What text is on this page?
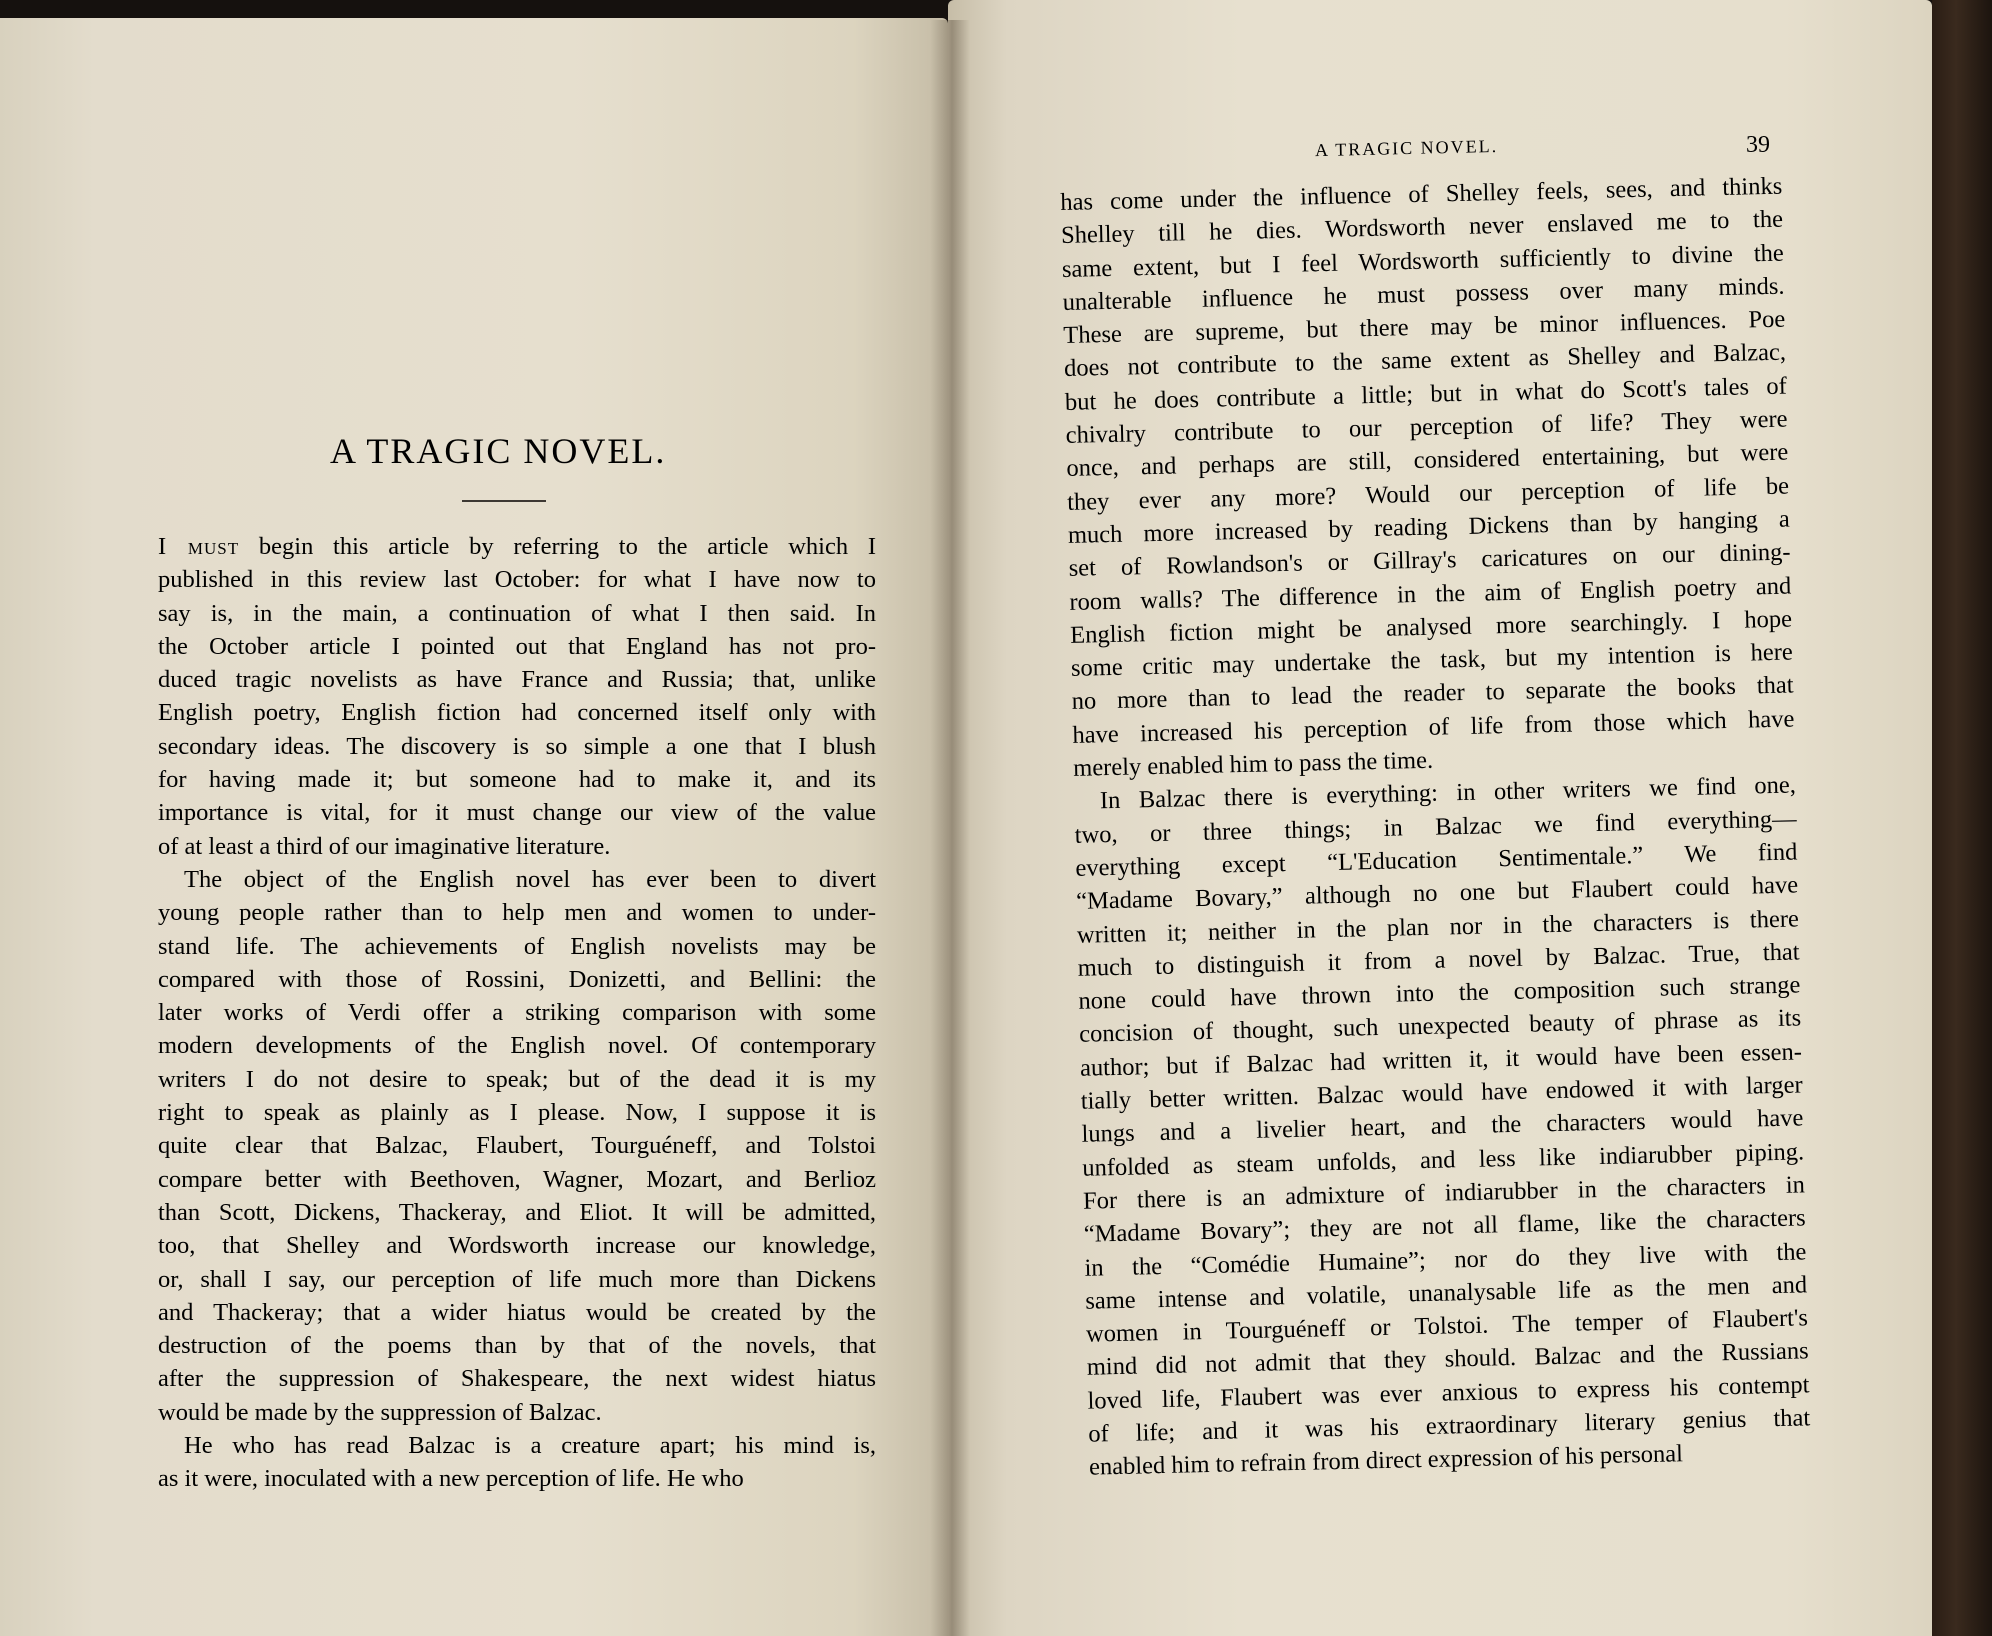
A TRAGIC NOVEL.	39
A TRAGIC NOVEL.
I must begin this article by referring to the article which I
published in this review last October: for what I have now to
say is, in the main, a continuation of what I then said. In
the October article I pointed out that England has not pro-
duced tragic novelists as have France and Russia; that, unlike
English poetry, English fiction had concerned itself only with
secondary ideas. The discovery is so simple a one that I blush
for having made it; but someone had to make it, and its
importance is vital, for it must change our view of the value
of at least a third of our imaginative literature.
The object of the English novel has ever been to divert
young people rather than to help men and women to under-
stand life. The achievements of English novelists may be
compared with those of Rossini, Donizetti, and Bellini: the
later works of Verdi offer a striking comparison with some
modern developments of the English novel. Of contemporary
writers I do not desire to speak; but of the dead it is my
right to speak as plainly as I please. Now, I suppose it is
quite clear that Balzac, Flaubert, Tourguéneff, and Tolstoi
compare better with Beethoven, Wagner, Mozart, and Berlioz
than Scott, Dickens, Thackeray, and Eliot. It will be admitted,
too, that Shelley and Wordsworth increase our knowledge,
or, shall I say, our perception of life much more than Dickens
and Thackeray; that a wider hiatus would be created by the
destruction of the poems than by that of the novels, that
after the suppression of Shakespeare, the next widest hiatus
would be made by the suppression of Balzac.
He who has read Balzac is a creature apart; his mind is,
as it were, inoculated with a new perception of life. He who
has come under the influence of Shelley feels, sees, and thinks
Shelley till he dies. Wordsworth never enslaved me to the
same extent, but I feel Wordsworth sufficiently to divine the
unalterable influence he must possess over many minds.
These are supreme, but there may be minor influences. Poe
does not contribute to the same extent as Shelley and Balzac,
but he does contribute a little; but in what do Scott's tales of
chivalry contribute to our perception of life? They were
once, and perhaps are still, considered entertaining, but were
they ever any more? Would our perception of life be
much more increased by reading Dickens than by hanging a
set of Rowlandson's or Gillray's caricatures on our dining-
room walls? The difference in the aim of English poetry and
English fiction might be analysed more searchingly. I hope
some critic may undertake the task, but my intention is here
no more than to lead the reader to separate the books that
have increased his perception of life from those which have
merely enabled him to pass the time.
In Balzac there is everything: in other writers we find one,
two, or three things; in Balzac we find everything—
everything except “L'Education Sentimentale.” We find
“Madame Bovary,” although no one but Flaubert could have
written it; neither in the plan nor in the characters is there
much to distinguish it from a novel by Balzac. True, that
none could have thrown into the composition such strange
concision of thought, such unexpected beauty of phrase as its
author; but if Balzac had written it, it would have been essen-
tially better written. Balzac would have endowed it with larger
lungs and a livelier heart, and the characters would have
unfolded as steam unfolds, and less like indiarubber piping.
For there is an admixture of indiarubber in the characters in
“Madame Bovary”; they are not all flame, like the characters
in the “Comédie Humaine”; nor do they live with the
same intense and volatile, unanalysable life as the men and
women in Tourguéneff or Tolstoi. The temper of Flaubert's
mind did not admit that they should. Balzac and the Russians
loved life, Flaubert was ever anxious to express his contempt
of life; and it was his extraordinary literary genius that
enabled him to refrain from direct expression of his personal
